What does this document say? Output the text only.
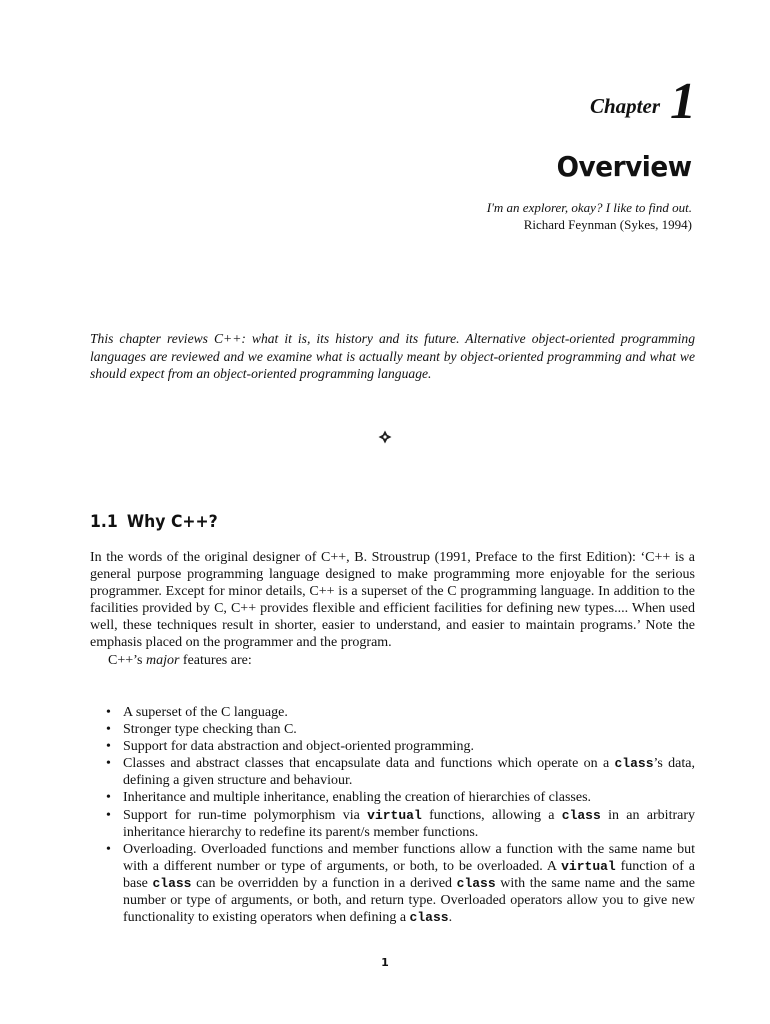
Chapter 1
Overview
I'm an explorer, okay? I like to find out.
Richard Feynman (Sykes, 1994)
This chapter reviews C++: what it is, its history and its future. Alternative object-oriented programming languages are reviewed and we examine what is actually meant by object-oriented programming and what we should expect from an object-oriented programming language.
1.1 Why C++?

In the words of the original designer of C++, B. Stroustrup (1991, Preface to the first Edition): ‘C++ is a general purpose programming language designed to make programming more enjoyable for the serious programmer. Except for minor details, C++ is a superset of the C programming language. In addition to the facilities provided by C, C++ provides flexible and efficient facilities for defining new types.... When used well, these techniques result in shorter, easier to understand, and easier to maintain programs.’ Note the emphasis placed on the programmer and the program.

C++’s major features are:

• A superset of the C language.
• Stronger type checking than C.
• Support for data abstraction and object-oriented programming.
• Classes and abstract classes that encapsulate data and functions which operate on a class’s data, defining a given structure and behaviour.
• Inheritance and multiple inheritance, enabling the creation of hierarchies of classes.
• Support for run-time polymorphism via virtual functions, allowing a class in an arbitrary inheritance hierarchy to redefine its parent/s member functions.
• Overloading. Overloaded functions and member functions allow a function with the same name but with a different number or type of arguments, or both, to be overloaded. A virtual function of a base class can be overridden by a function in a derived class with the same name and the same number or type of arguments, or both, and return type. Overloaded operators allow you to give new functionality to existing operators when defining a class.
1
